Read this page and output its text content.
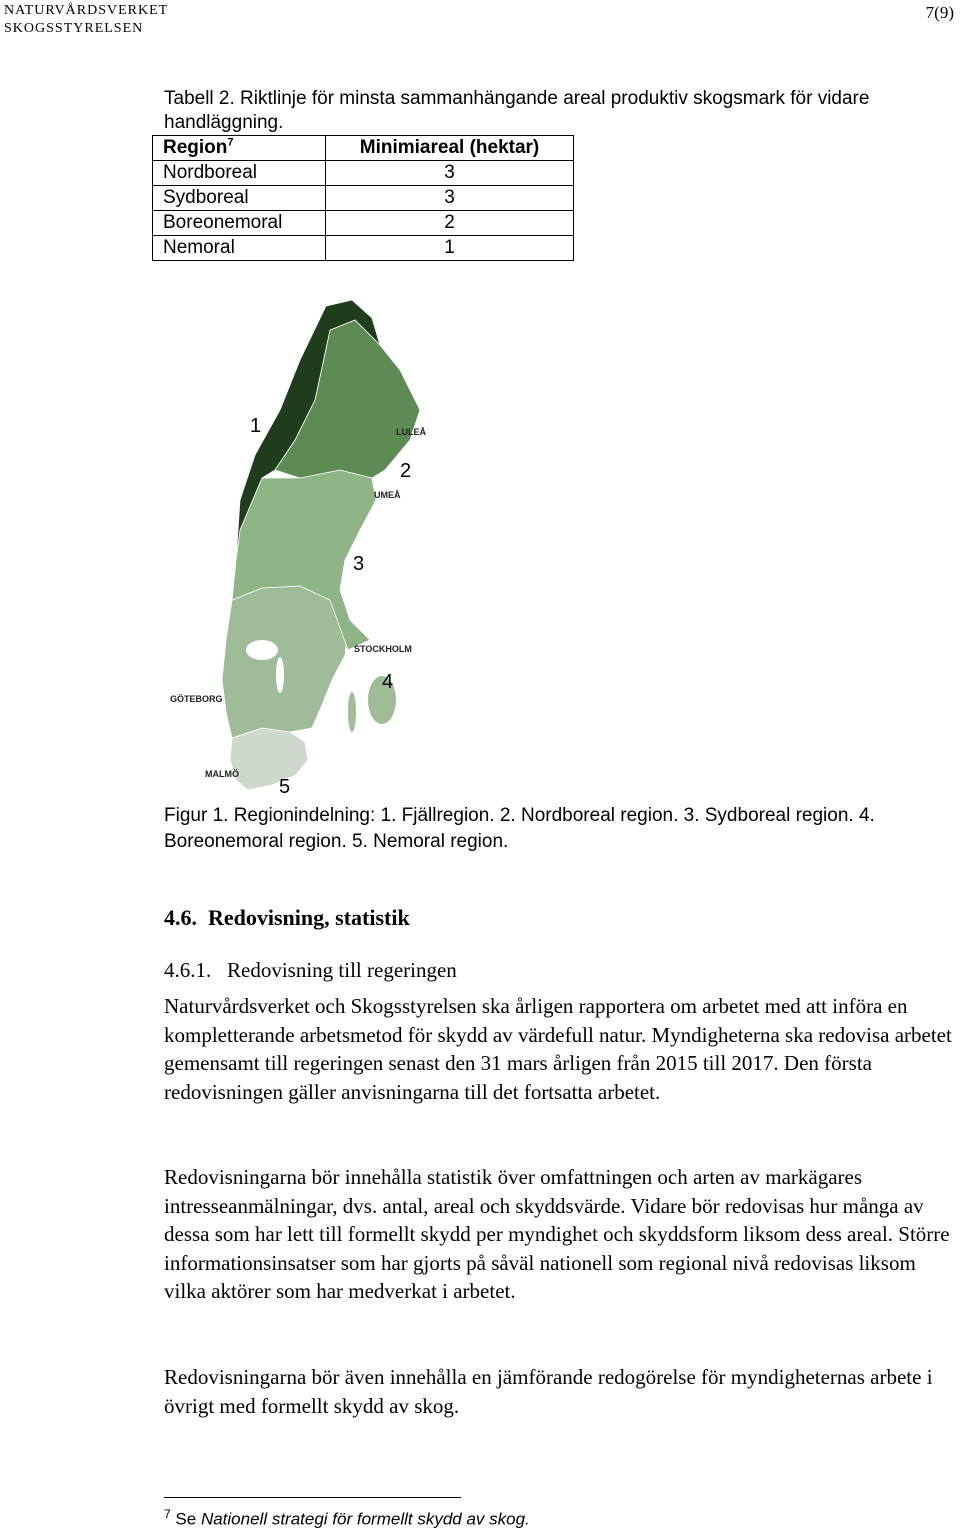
NATURVÅRDSVERKET
SKOGSSTYRELSEN
7(9)
Tabell 2. Riktlinje för minsta sammanhängande areal produktiv skogsmark för vidare handläggning.
Region$^7$	Minimiareal (hektar)
Nordboreal	3
Sydboreal	3
Boreonemoral	2
Nemoral	1
1
2
3
4
5
LULEÅ
UMEÅ
STOCKHOLM
GÖTEBORG
MALMÖ
Figur 1. Regionindelning: 1. Fjällregion. 2. Nordboreal region. 3. Sydboreal region. 4. Boreonemoral region. 5. Nemoral region.
4.6.  Redovisning, statistik
4.6.1.   Redovisning till regeringen
Naturvårdsverket och Skogsstyrelsen ska årligen rapportera om arbetet med att införa en kompletterande arbetsmetod för skydd av värdefull natur. Myndigheterna ska redovisa arbetet gemensamt till regeringen senast den 31 mars årligen från 2015 till 2017. Den första redovisningen gäller anvisningarna till det fortsatta arbetet.
Redovisningarna bör innehålla statistik över omfattningen och arten av markägares intresseanmälningar, dvs. antal, areal och skyddsvärde. Vidare bör redovisas hur många av dessa som har lett till formellt skydd per myndighet och skyddsform liksom dess areal. Större informationsinsatser som har gjorts på såväl nationell som regional nivå redovisas liksom vilka aktörer som har medverkat i arbetet.
Redovisningarna bör även innehålla en jämförande redogörelse för myndigheternas arbete i övrigt med formellt skydd av skog.
$^7$ Se Nationell strategi för formellt skydd av skog.
